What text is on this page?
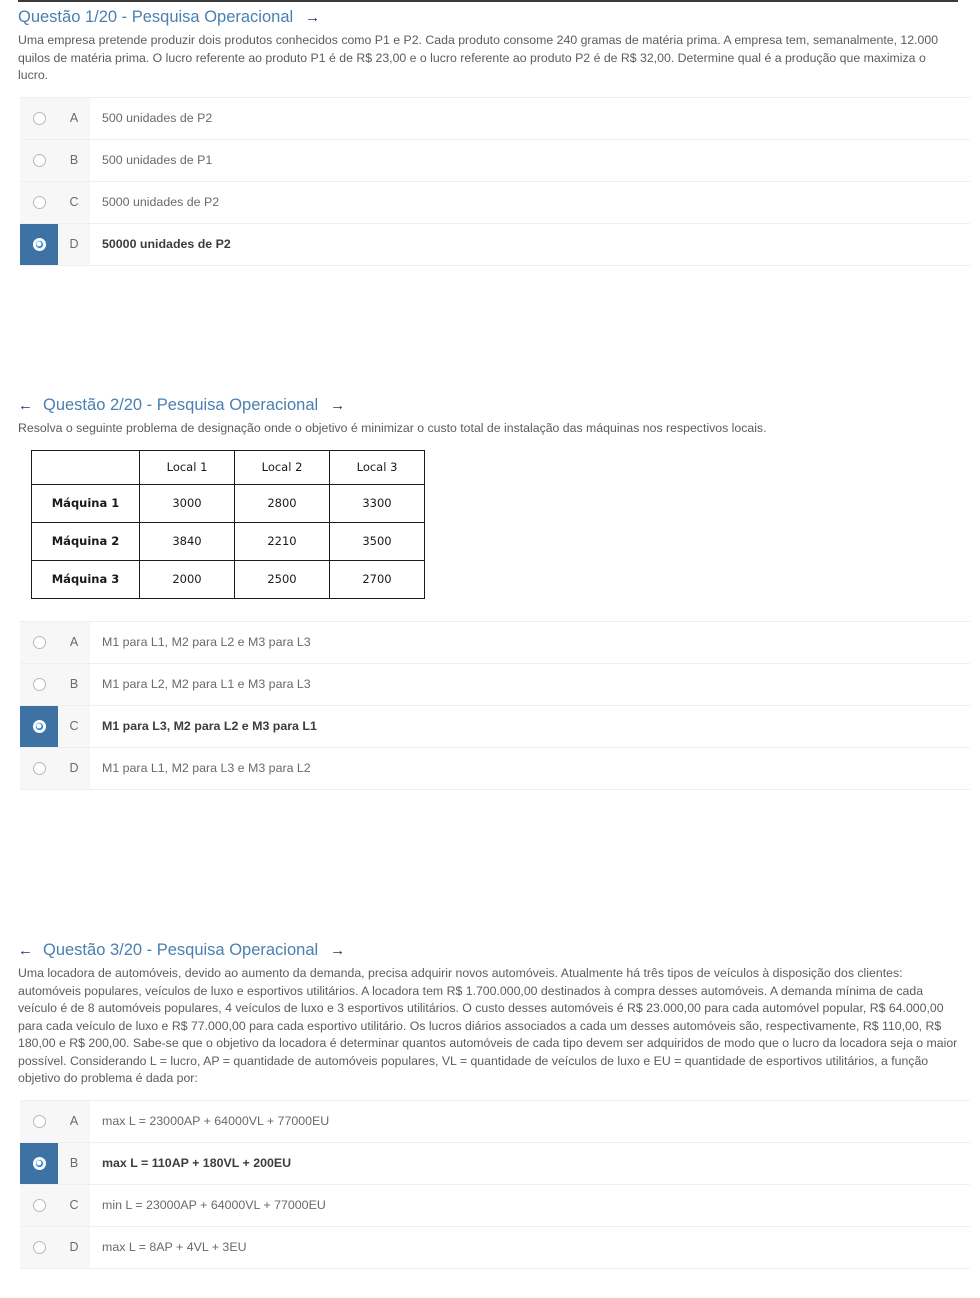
Questão 1/20 - Pesquisa Operacional →
Uma empresa pretende produzir dois produtos conhecidos como P1 e P2. Cada produto consome 240 gramas de matéria prima. A empresa tem, semanalmente, 12.000 quilos de matéria prima. O lucro referente ao produto P1 é de R$ 23,00 e o lucro referente ao produto P2 é de R$ 32,00. Determine qual é a produção que maximiza o lucro.
A	500 unidades de P2
B	500 unidades de P1
C	5000 unidades de P2
D	50000 unidades de P2
← Questão 2/20 - Pesquisa Operacional →
Resolva o seguinte problema de designação onde o objetivo é minimizar o custo total de instalação das máquinas nos respectivos locais.
	Local 1	Local 2	Local 3
Máquina 1	3000	2800	3300
Máquina 2	3840	2210	3500
Máquina 3	2000	2500	2700
A	M1 para L1, M2 para L2 e M3 para L3
B	M1 para L2, M2 para L1 e M3 para L3
C	M1 para L3, M2 para L2 e M3 para L1
D	M1 para L1, M2 para L3 e M3 para L2
← Questão 3/20 - Pesquisa Operacional →
Uma locadora de automóveis, devido ao aumento da demanda, precisa adquirir novos automóveis. Atualmente há três tipos de veículos à disposição dos clientes: automóveis populares, veículos de luxo e esportivos utilitários. A locadora tem R$ 1.700.000,00 destinados à compra desses automóveis. A demanda mínima de cada veículo é de 8 automóveis populares, 4 veículos de luxo e 3 esportivos utilitários. O custo desses automóveis é R$ 23.000,00 para cada automóvel popular, R$ 64.000,00 para cada veículo de luxo e R$ 77.000,00 para cada esportivo utilitário. Os lucros diários associados a cada um desses automóveis são, respectivamente, R$ 110,00, R$ 180,00 e R$ 200,00. Sabe-se que o objetivo da locadora é determinar quantos automóveis de cada tipo devem ser adquiridos de modo que o lucro da locadora seja o maior possível. Considerando L = lucro, AP = quantidade de automóveis populares, VL = quantidade de veículos de luxo e EU = quantidade de esportivos utilitários, a função objetivo do problema é dada por:
A	max L = 23000AP + 64000VL + 77000EU
B	max L = 110AP + 180VL + 200EU
C	min L = 23000AP + 64000VL + 77000EU
D	max L = 8AP + 4VL + 3EU
